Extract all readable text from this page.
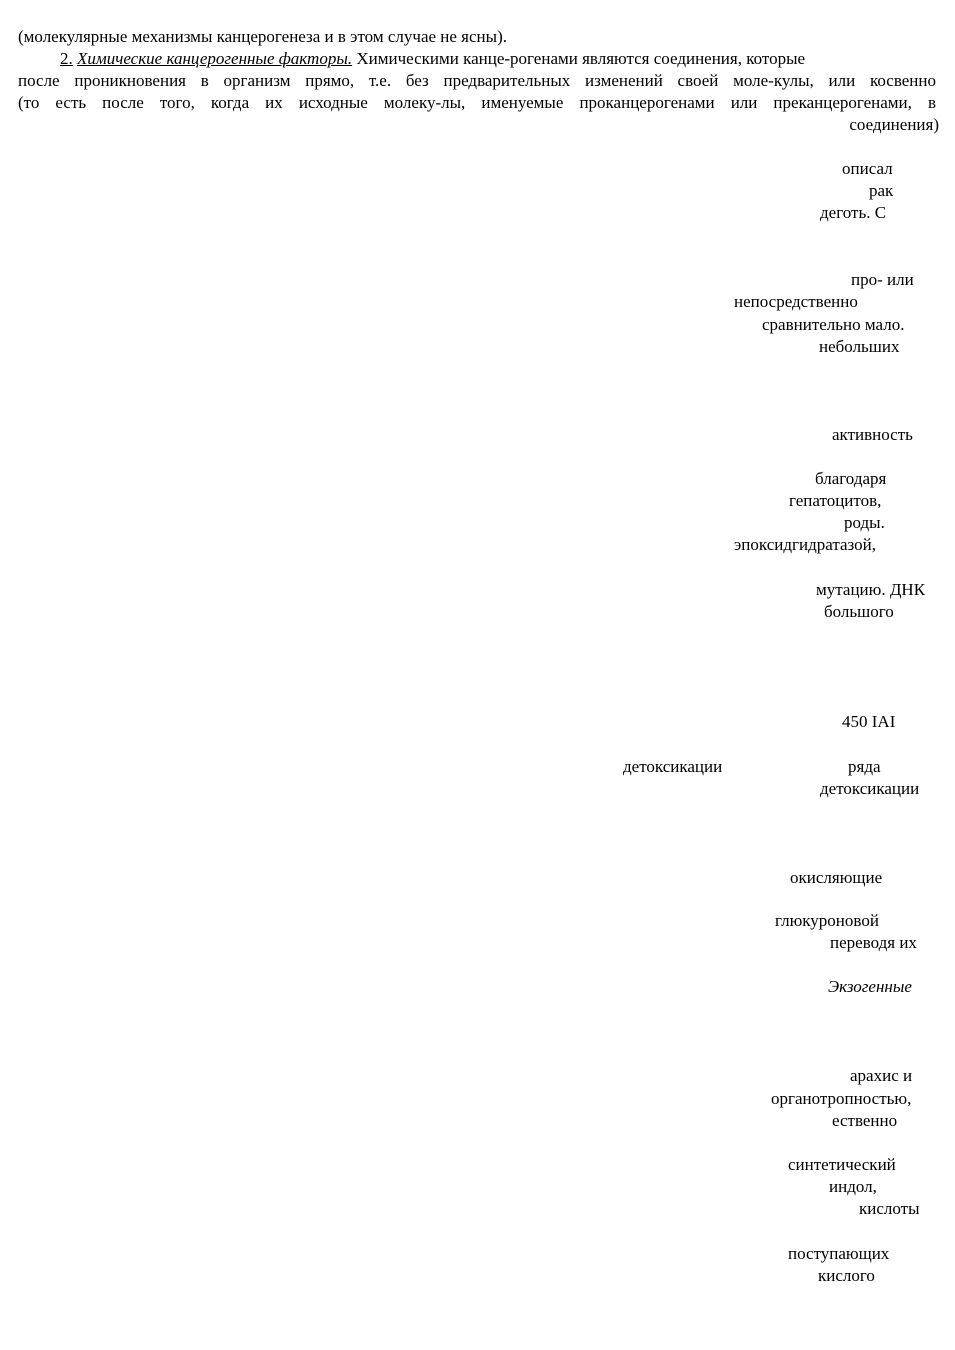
(молекулярные механизмы канцерогенеза и в этом случае не ясны).
2. Химические канцерогенные факторы. Химическими канце-рогенами являются соединения, которые
после проникновения в организм прямо, т.е. без предварительных изменений своей моле-кулы, или косвенно
(то есть после того, когда их исходные молеку-лы, именуемые проканцерогенами или преканцерогенами, в
соединения)
описал
рак
деготь. С
про- или
непосредственно
сравнительно мало.
небольших
активность
благодаря
гепатоцитов,
роды.
эпоксидгидратазой,
мутацию. ДНК
большого
450 IAI
детоксикации	ряда
детоксикации
окисляющие
глюкуроновой
переводя их
Экзогенные
арахис и
органотропностью,
ественно
синтетический
индол,
кислоты
поступающих
кислого
